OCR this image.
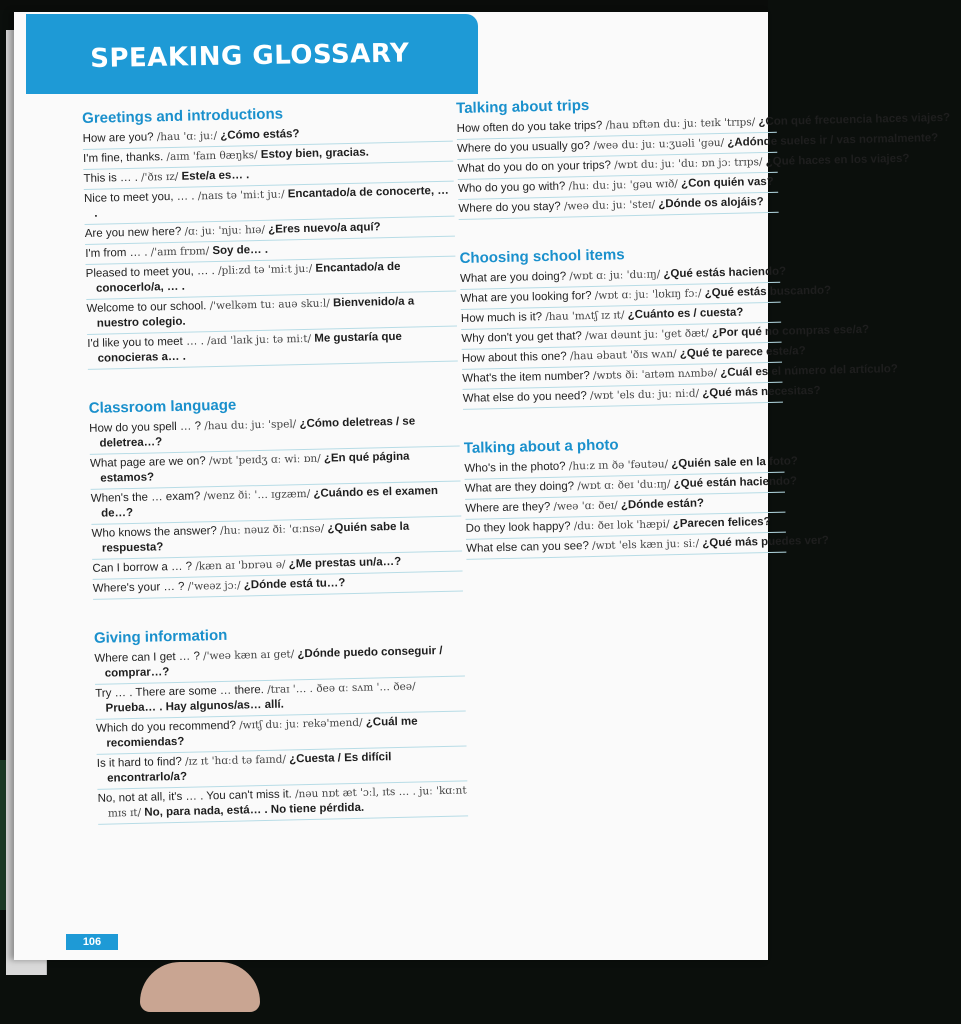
SPEAKING GLOSSARY
Greetings and introductions
How are you? /hau 'ɑː juː/ ¿Cómo estás?
I'm fine, thanks. /aɪm 'faɪn θæŋks/ Estoy bien, gracias.
This is … . /'ðɪs ɪz/ Este/a es… .
Nice to meet you, … . /naɪs tə 'miːt juː/ Encantado/a de conocerte, … .
Are you new here? /ɑː juː 'njuː hɪə/ ¿Eres nuevo/a aquí?
I'm from … . /'aɪm frɒm/ Soy de… .
Pleased to meet you, … . /pliːzd tə 'miːt juː/ Encantado/a de conocerlo/a, … .
Welcome to our school. /'welkəm tuː auə skuːl/ Bienvenido/a a nuestro colegio.
I'd like you to meet … . /aɪd 'laɪk juː tə miːt/ Me gustaría que conocieras a… .
Classroom language
How do you spell … ? /hau duː juː 'spel/ ¿Cómo deletreas / se deletrea…?
What page are we on? /wɒt 'peɪdʒ ɑː wiː ɒn/ ¿En qué página estamos?
When's the … exam? /wenz ðiː '… ɪgzæm/ ¿Cuándo es el examen de…?
Who knows the answer? /huː nəuz ðiː 'ɑːnsə/ ¿Quién sabe la respuesta?
Can I borrow a … ? /kæn aɪ 'bɒrəu ə/ ¿Me prestas un/a…?
Where's your … ? /'weəz jɔː/ ¿Dónde está tu…?
Giving information
Where can I get … ? /'weə kæn aɪ get/ ¿Dónde puedo conseguir / comprar…?
Try … . There are some … there. /traɪ '… . ðeə ɑː sʌm '… ðeə/ Prueba… . Hay algunos/as… allí.
Which do you recommend? /wɪtʃ duː juː rekə'mend/ ¿Cuál me recomiendas?
Is it hard to find? /ɪz ɪt 'hɑːd tə faɪnd/ ¿Cuesta / Es difícil encontrarlo/a?
No, not at all, it's … . You can't miss it. /nəu nɒt æt 'ɔːl, ɪts … . juː 'kɑːnt mɪs ɪt/ No, para nada, está… . No tiene pérdida.
Talking about trips
How often do you take trips? /hau ɒftən duː juː teɪk 'trɪps/ ¿Con qué frecuencia haces viajes?
Where do you usually go? /weə duː juː uːʒuəli 'gəu/ ¿Adónde sueles ir / vas normalmente?
What do you do on your trips? /wɒt duː juː 'duː ɒn jɔː trɪps/ ¿Qué haces en los viajes?
Who do you go with? /huː duː juː 'gəu wɪð/ ¿Con quién vas?
Where do you stay? /weə duː juː 'steɪ/ ¿Dónde os alojáis?
Choosing school items
What are you doing? /wɒt ɑː juː 'duːɪŋ/ ¿Qué estás haciendo?
What are you looking for? /wɒt ɑː juː 'lʊkɪŋ fɔː/ ¿Qué estás buscando?
How much is it? /hau 'mʌtʃ ɪz ɪt/ ¿Cuánto es / cuesta?
Why don't you get that? /waɪ dəunt juː 'get ðæt/ ¿Por qué no compras ese/a?
How about this one? /hau əbaut 'ðɪs wʌn/ ¿Qué te parece este/a?
What's the item number? /wɒts ðiː 'aɪtəm nʌmbə/ ¿Cuál es el número del artículo?
What else do you need? /wɒt 'els duː juː niːd/ ¿Qué más necesitas?
Talking about a photo
Who's in the photo? /huːz ɪn ðə 'fəutəu/ ¿Quién sale en la foto?
What are they doing? /wɒt ɑː ðeɪ 'duːɪŋ/ ¿Qué están haciendo?
Where are they? /weə 'ɑː ðeɪ/ ¿Dónde están?
Do they look happy? /duː ðeɪ lʊk 'hæpi/ ¿Parecen felices?
What else can you see? /wɒt 'els kæn juː siː/ ¿Qué más puedes ver?
106
